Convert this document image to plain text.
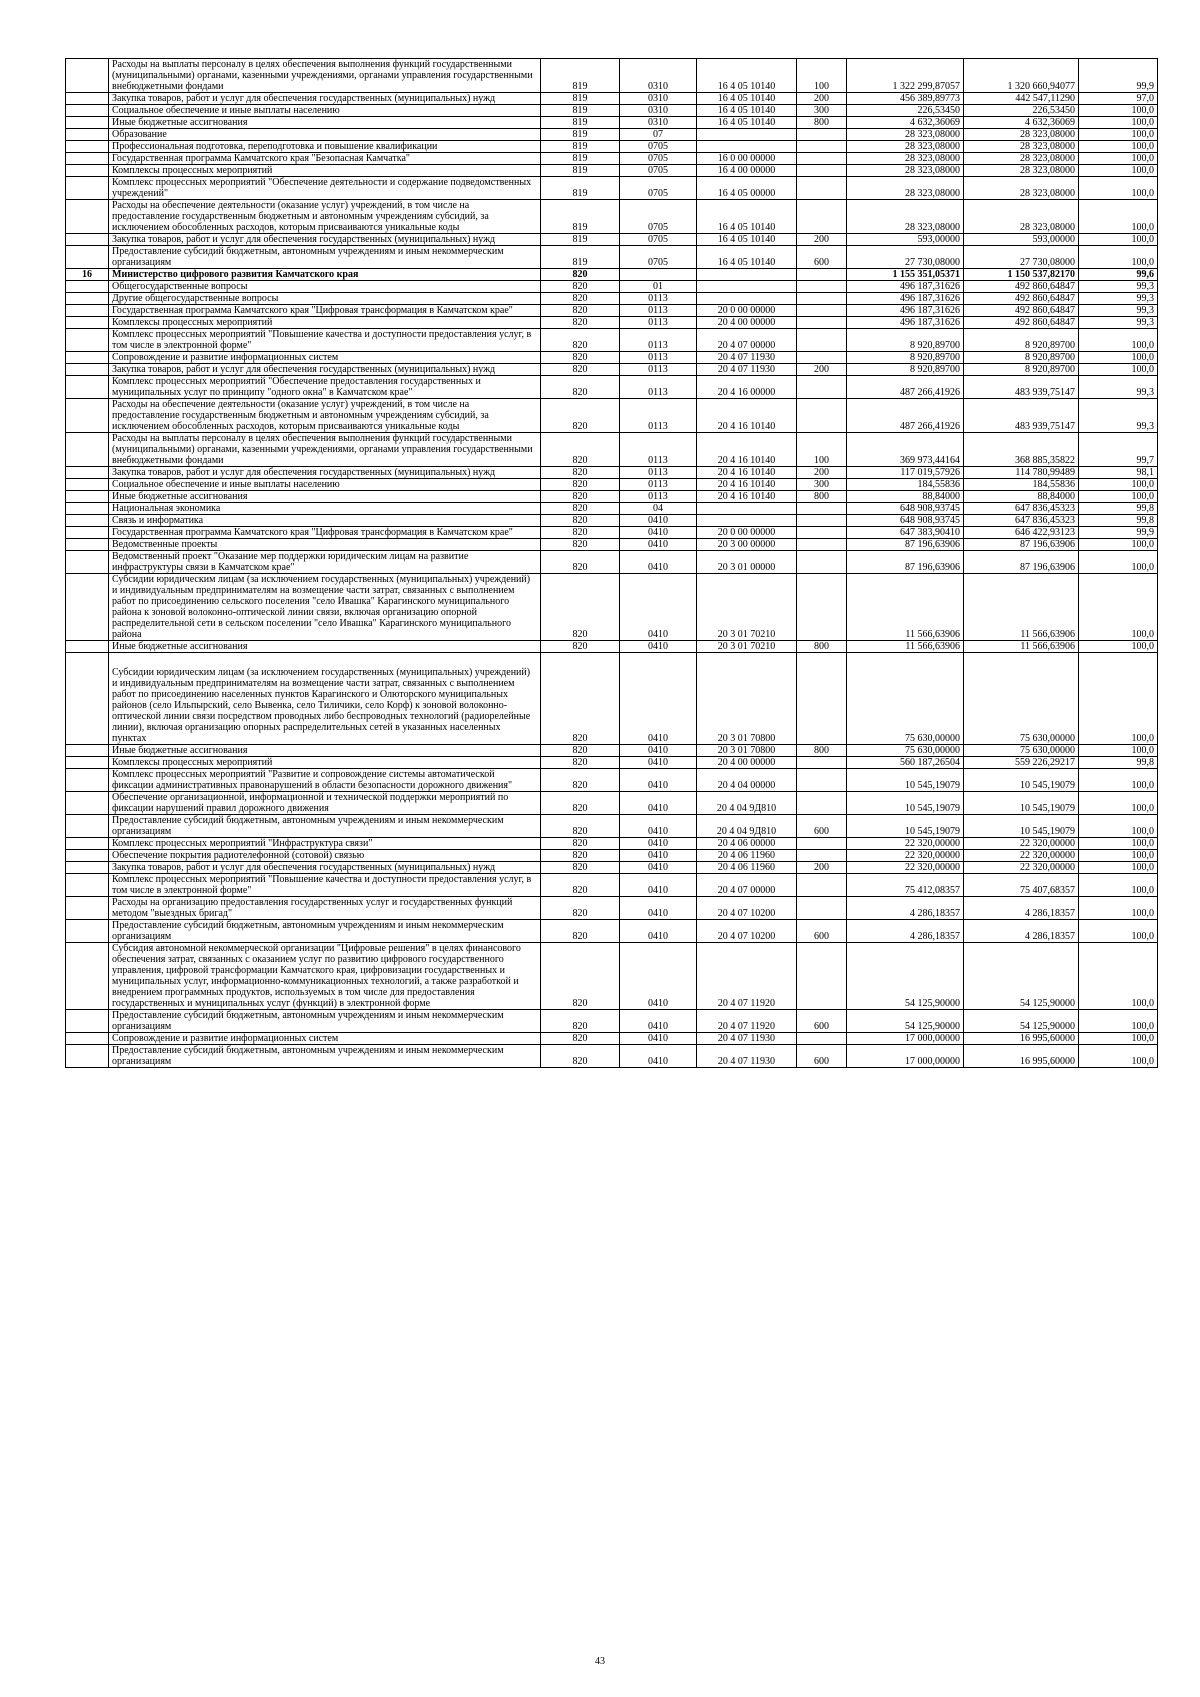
	Расходы на выплаты персоналу в целях обеспечения выполнения функций государственными (муниципальными) органами, казенными учреждениями, органами управления государственными внебюджетными фондами	819	0310	16 4 05 10140	100	1 322 299,87057	1 320 660,94077	99,9
	Закупка товаров, работ и услуг для обеспечения государственных (муниципальных) нужд	819	0310	16 4 05 10140	200	456 389,89773	442 547,11290	97,0
	Социальное обеспечение и иные выплаты населению	819	0310	16 4 05 10140	300	226,53450	226,53450	100,0
	Иные бюджетные ассигнования	819	0310	16 4 05 10140	800	4 632,36069	4 632,36069	100,0
	Образование	819	07			28 323,08000	28 323,08000	100,0
	Профессиональная подготовка, переподготовка и повышение квалификации	819	0705			28 323,08000	28 323,08000	100,0
	Государственная программа Камчатского края "Безопасная Камчатка"	819	0705	16 0 00 00000		28 323,08000	28 323,08000	100,0
	Комплексы процессных мероприятий	819	0705	16 4 00 00000		28 323,08000	28 323,08000	100,0
	Комплекс процессных мероприятий "Обеспечение деятельности и содержание подведомственных учреждений"	819	0705	16 4 05 00000		28 323,08000	28 323,08000	100,0
	Расходы на обеспечение деятельности (оказание услуг) учреждений, в том числе на предоставление государственным бюджетным и автономным учреждениям субсидий, за исключением обособленных расходов, которым присваиваются уникальные коды	819	0705	16 4 05 10140		28 323,08000	28 323,08000	100,0
	Закупка товаров, работ и услуг для обеспечения государственных (муниципальных) нужд	819	0705	16 4 05 10140	200	593,00000	593,00000	100,0
	Предоставление субсидий бюджетным, автономным учреждениям и иным некоммерческим организациям	819	0705	16 4 05 10140	600	27 730,08000	27 730,08000	100,0
16	Министерство цифрового развития Камчатского края	820				1 155 351,05371	1 150 537,82170	99,6
	Общегосударственные вопросы	820	01			496 187,31626	492 860,64847	99,3
	Другие общегосударственные вопросы	820	0113			496 187,31626	492 860,64847	99,3
	Государственная программа Камчатского края "Цифровая трансформация в Камчатском крае"	820	0113	20 0 00 00000		496 187,31626	492 860,64847	99,3
	Комплексы процессных мероприятий	820	0113	20 4 00 00000		496 187,31626	492 860,64847	99,3
	Комплекс процессных мероприятий "Повышение качества и доступности предоставления услуг, в том числе в электронной форме"	820	0113	20 4 07 00000		8 920,89700	8 920,89700	100,0
	Сопровождение и развитие информационных систем	820	0113	20 4 07 11930		8 920,89700	8 920,89700	100,0
	Закупка товаров, работ и услуг для обеспечения государственных (муниципальных) нужд	820	0113	20 4 07 11930	200	8 920,89700	8 920,89700	100,0
	Комплекс процессных мероприятий "Обеспечение предоставления государственных и муниципальных услуг по принципу "одного окна" в Камчатском крае"	820	0113	20 4 16 00000		487 266,41926	483 939,75147	99,3
	Расходы на обеспечение деятельности (оказание услуг) учреждений, в том числе на предоставление государственным бюджетным и автономным учреждениям субсидий, за исключением обособленных расходов, которым присваиваются уникальные коды	820	0113	20 4 16 10140		487 266,41926	483 939,75147	99,3
	Расходы на выплаты персоналу в целях обеспечения выполнения функций государственными (муниципальными) органами, казенными учреждениями, органами управления государственными внебюджетными фондами	820	0113	20 4 16 10140	100	369 973,44164	368 885,35822	99,7
	Закупка товаров, работ и услуг для обеспечения государственных (муниципальных) нужд	820	0113	20 4 16 10140	200	117 019,57926	114 780,99489	98,1
	Социальное обеспечение и иные выплаты населению	820	0113	20 4 16 10140	300	184,55836	184,55836	100,0
	Иные бюджетные ассигнования	820	0113	20 4 16 10140	800	88,84000	88,84000	100,0
	Национальная экономика	820	04			648 908,93745	647 836,45323	99,8
	Связь и информатика	820	0410			648 908,93745	647 836,45323	99,8
	Государственная программа Камчатского края "Цифровая трансформация в Камчатском крае"	820	0410	20 0 00 00000		647 383,90410	646 422,93123	99,9
	Ведомственные проекты	820	0410	20 3 00 00000		87 196,63906	87 196,63906	100,0
	Ведомственный проект "Оказание мер поддержки юридическим лицам на развитие инфраструктуры связи в Камчатском крае"	820	0410	20 3 01 00000		87 196,63906	87 196,63906	100,0
	Субсидии юридическим лицам (за исключением государственных (муниципальных) учреждений) и индивидуальным предпринимателям на возмещение части затрат, связанных с выполнением работ по присоединению сельского поселения "село Ивашка" Карагинского муниципального района к зоновой волоконно-оптической линии связи, включая организацию опорной распределительной сети в сельском поселении "село Ивашка" Карагинского муниципального района	820	0410	20 3 01 70210		11 566,63906	11 566,63906	100,0
	Иные бюджетные ассигнования	820	0410	20 3 01 70210	800	11 566,63906	11 566,63906	100,0
	Субсидии юридическим лицам (за исключением государственных (муниципальных) учреждений) и индивидуальным предпринимателям на возмещение части затрат, связанных с выполнением работ по присоединению населенных пунктов Карагинского и Олюторского муниципальных районов (село Ильпырский, село Вывенка, село Тиличики, село Корф) к зоновой волоконно-оптической линии связи посредством проводных либо беспроводных технологий (радиорелейные линии), включая организацию опорных распределительных сетей в указанных населенных пунктах	820	0410	20 3 01 70800		75 630,00000	75 630,00000	100,0
	Иные бюджетные ассигнования	820	0410	20 3 01 70800	800	75 630,00000	75 630,00000	100,0
	Комплексы процессных мероприятий	820	0410	20 4 00 00000		560 187,26504	559 226,29217	99,8
	Комплекс процессных мероприятий "Развитие и сопровождение системы автоматической фиксации административных правонарушений в области безопасности дорожного движения"	820	0410	20 4 04 00000		10 545,19079	10 545,19079	100,0
	Обеспечение организационной, информационной и технической поддержки мероприятий по фиксации нарушений правил дорожного движения	820	0410	20 4 04 9Д810		10 545,19079	10 545,19079	100,0
	Предоставление субсидий бюджетным, автономным учреждениям и иным некоммерческим организациям	820	0410	20 4 04 9Д810	600	10 545,19079	10 545,19079	100,0
	Комплекс процессных мероприятий "Инфраструктура связи"	820	0410	20 4 06 00000		22 320,00000	22 320,00000	100,0
	Обеспечение покрытия радиотелефонной (сотовой) связью	820	0410	20 4 06 11960		22 320,00000	22 320,00000	100,0
	Закупка товаров, работ и услуг для обеспечения государственных (муниципальных) нужд	820	0410	20 4 06 11960	200	22 320,00000	22 320,00000	100,0
	Комплекс процессных мероприятий "Повышение качества и доступности предоставления услуг, в том числе в электронной форме"	820	0410	20 4 07 00000		75 412,08357	75 407,68357	100,0
	Расходы на организацию предоставления государственных услуг и государственных функций методом "выездных бригад"	820	0410	20 4 07 10200		4 286,18357	4 286,18357	100,0
	Предоставление субсидий бюджетным, автономным учреждениям и иным некоммерческим организациям	820	0410	20 4 07 10200	600	4 286,18357	4 286,18357	100,0
	Субсидия автономной некоммерческой организации "Цифровые решения" в целях финансового обеспечения затрат, связанных с оказанием услуг по развитию цифрового государственного управления, цифровой трансформации Камчатского края, цифровизации государственных и муниципальных услуг, информационно-коммуникационных технологий, а также разработкой и внедрением программных продуктов, используемых в том числе для предоставления государственных и муниципальных услуг (функций) в электронной форме	820	0410	20 4 07 11920		54 125,90000	54 125,90000	100,0
	Предоставление субсидий бюджетным, автономным учреждениям и иным некоммерческим организациям	820	0410	20 4 07 11920	600	54 125,90000	54 125,90000	100,0
	Сопровождение и развитие информационных систем	820	0410	20 4 07 11930		17 000,00000	16 995,60000	100,0
	Предоставление субсидий бюджетным, автономным учреждениям и иным некоммерческим организациям	820	0410	20 4 07 11930	600	17 000,00000	16 995,60000	100,0
43
